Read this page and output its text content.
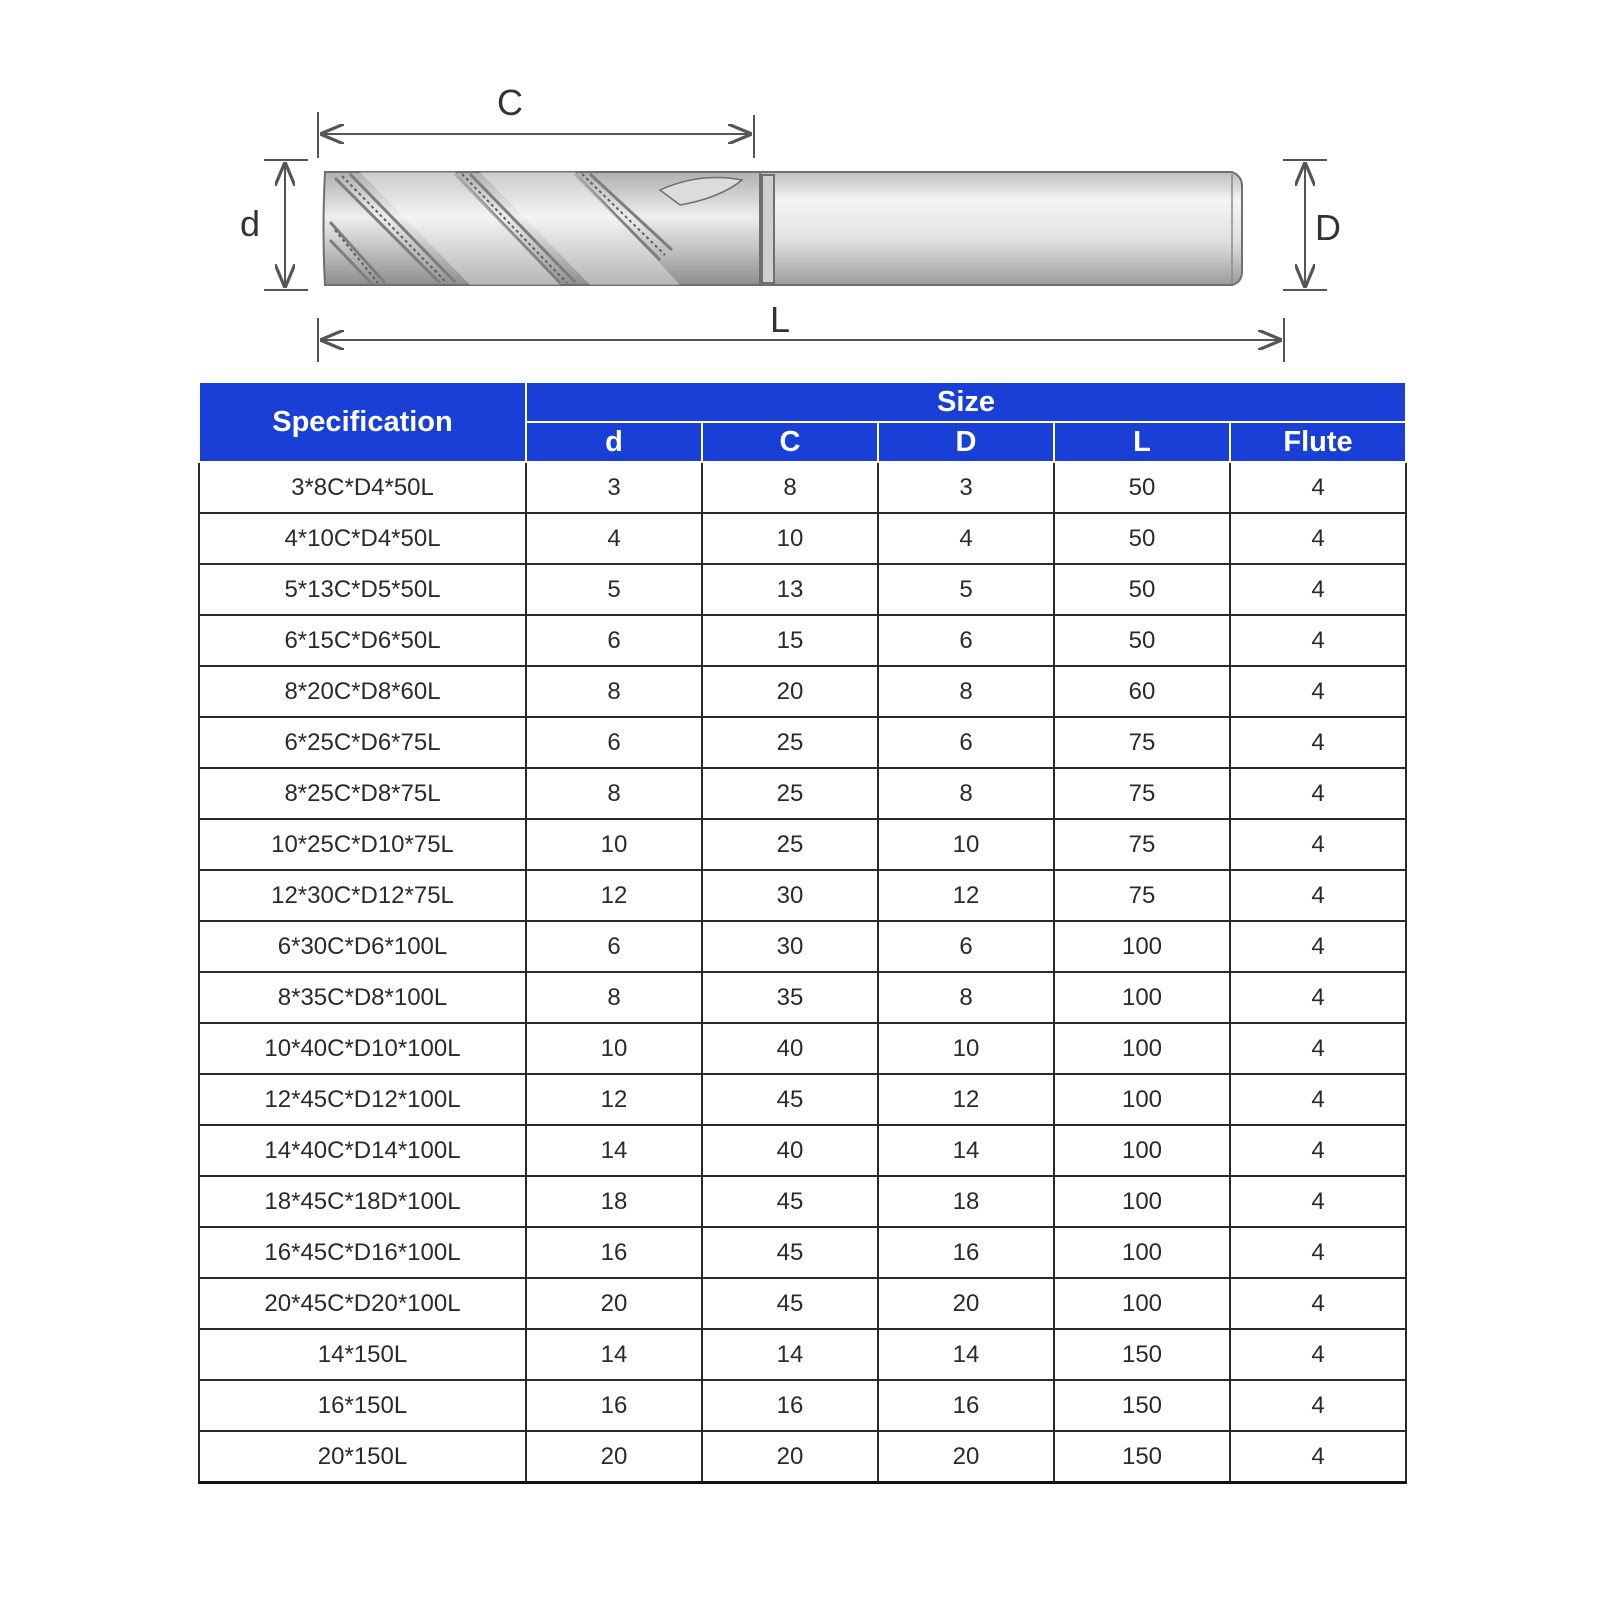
C
d	D
L
Specification	Size				
	d	C	D	L	Flute
3*8C*D4*50L	3	8	3	50	4
4*10C*D4*50L	4	10	4	50	4
5*13C*D5*50L	5	13	5	50	4
6*15C*D6*50L	6	15	6	50	4
8*20C*D8*60L	8	20	8	60	4
6*25C*D6*75L	6	25	6	75	4
8*25C*D8*75L	8	25	8	75	4
10*25C*D10*75L	10	25	10	75	4
12*30C*D12*75L	12	30	12	75	4
6*30C*D6*100L	6	30	6	100	4
8*35C*D8*100L	8	35	8	100	4
10*40C*D10*100L	10	40	10	100	4
12*45C*D12*100L	12	45	12	100	4
14*40C*D14*100L	14	40	14	100	4
18*45C*18D*100L	18	45	18	100	4
16*45C*D16*100L	16	45	16	100	4
20*45C*D20*100L	20	45	20	100	4
14*150L	14	14	14	150	4
16*150L	16	16	16	150	4
20*150L	20	20	20	150	4
